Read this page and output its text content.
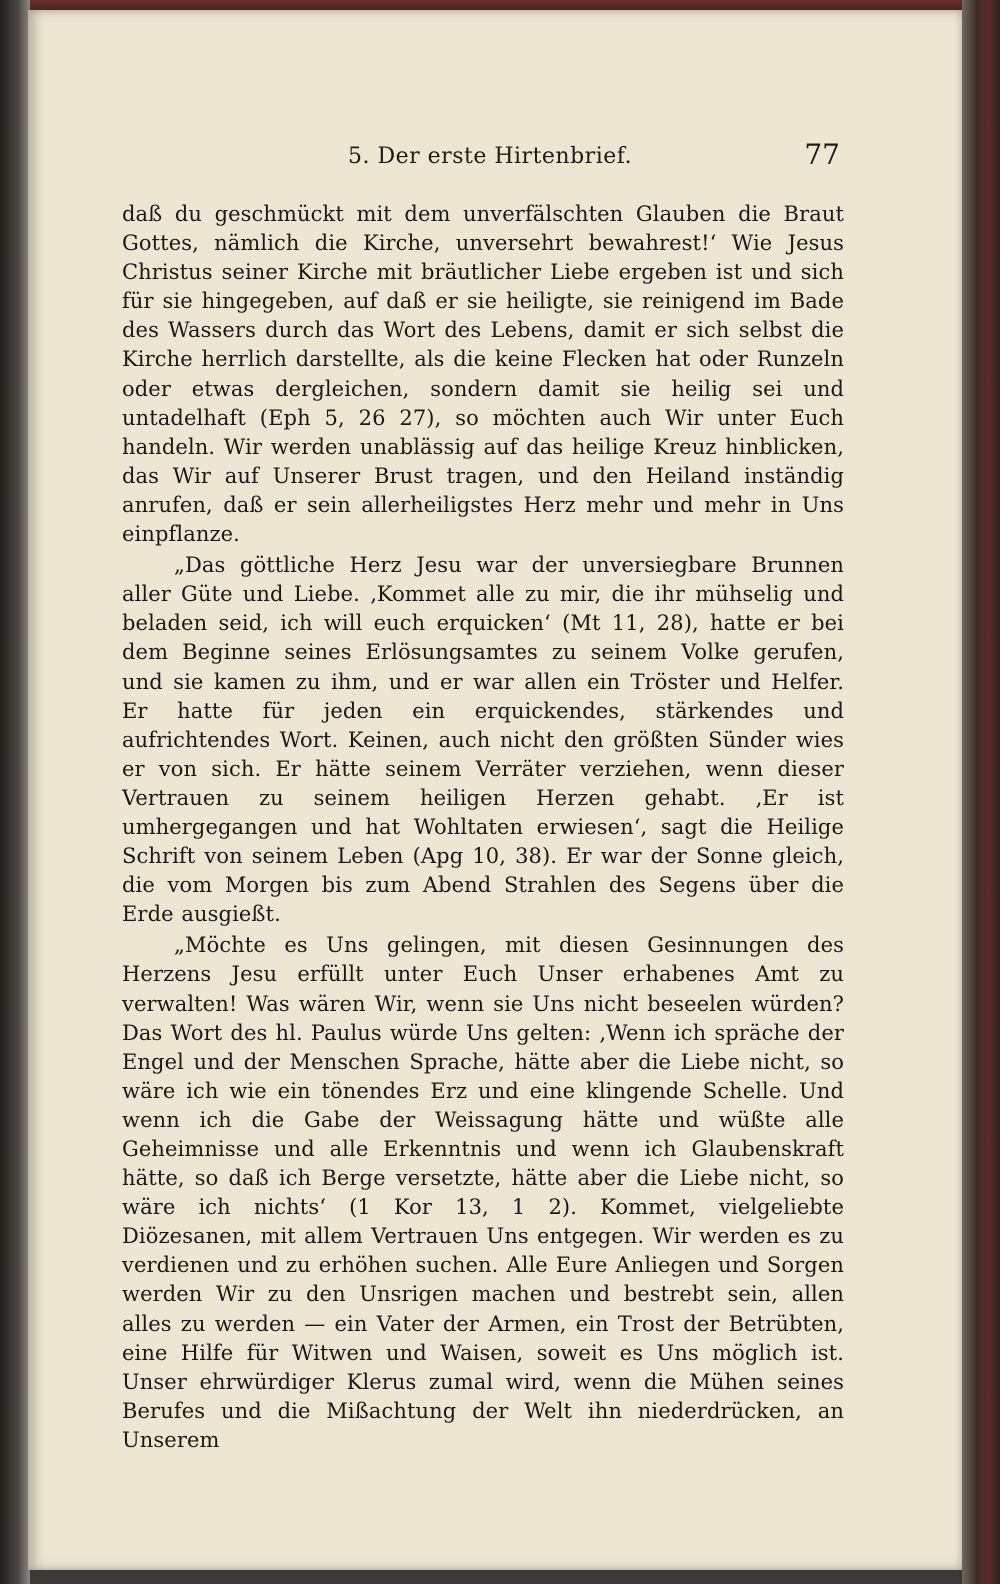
5. Der erste Hirtenbrief.	77

daß du geschmückt mit dem unverfälschten Glauben die Braut Gottes, nämlich die Kirche, unversehrt bewahrest!‘ Wie Jesus Christus seiner Kirche mit bräutlicher Liebe ergeben ist und sich für sie hingegeben, auf daß er sie heiligte, sie reinigend im Bade des Wassers durch das Wort des Lebens, damit er sich selbst die Kirche herrlich darstellte, als die keine Flecken hat oder Runzeln oder etwas dergleichen, sondern damit sie heilig sei und untadelhaft (Eph 5, 26 27), so möchten auch Wir unter Euch handeln. Wir werden unablässig auf das heilige Kreuz hinblicken, das Wir auf Unserer Brust tragen, und den Heiland inständig anrufen, daß er sein allerheiligstes Herz mehr und mehr in Uns einpflanze.

„Das göttliche Herz Jesu war der unversiegbare Brunnen aller Güte und Liebe. ‚Kommet alle zu mir, die ihr mühselig und beladen seid, ich will euch erquicken‘ (Mt 11, 28), hatte er bei dem Beginne seines Erlösungsamtes zu seinem Volke gerufen, und sie kamen zu ihm, und er war allen ein Tröster und Helfer. Er hatte für jeden ein erquickendes, stärkendes und aufrichtendes Wort. Keinen, auch nicht den größten Sünder wies er von sich. Er hätte seinem Verräter verziehen, wenn dieser Vertrauen zu seinem heiligen Herzen gehabt. ‚Er ist umhergegangen und hat Wohltaten erwiesen‘, sagt die Heilige Schrift von seinem Leben (Apg 10, 38). Er war der Sonne gleich, die vom Morgen bis zum Abend Strahlen des Segens über die Erde ausgießt.

„Möchte es Uns gelingen, mit diesen Gesinnungen des Herzens Jesu erfüllt unter Euch Unser erhabenes Amt zu verwalten! Was wären Wir, wenn sie Uns nicht beseelen würden? Das Wort des hl. Paulus würde Uns gelten: ‚Wenn ich spräche der Engel und der Menschen Sprache, hätte aber die Liebe nicht, so wäre ich wie ein tönendes Erz und eine klingende Schelle. Und wenn ich die Gabe der Weissagung hätte und wüßte alle Geheimnisse und alle Erkenntnis und wenn ich Glaubenskraft hätte, so daß ich Berge versetzte, hätte aber die Liebe nicht, so wäre ich nichts‘ (1 Kor 13, 1 2). Kommet, vielgeliebte Diözesanen, mit allem Vertrauen Uns entgegen. Wir werden es zu verdienen und zu erhöhen suchen. Alle Eure Anliegen und Sorgen werden Wir zu den Unsrigen machen und bestrebt sein, allen alles zu werden — ein Vater der Armen, ein Trost der Betrübten, eine Hilfe für Witwen und Waisen, soweit es Uns möglich ist. Unser ehrwürdiger Klerus zumal wird, wenn die Mühen seines Berufes und die Mißachtung der Welt ihn niederdrücken, an Unserem
